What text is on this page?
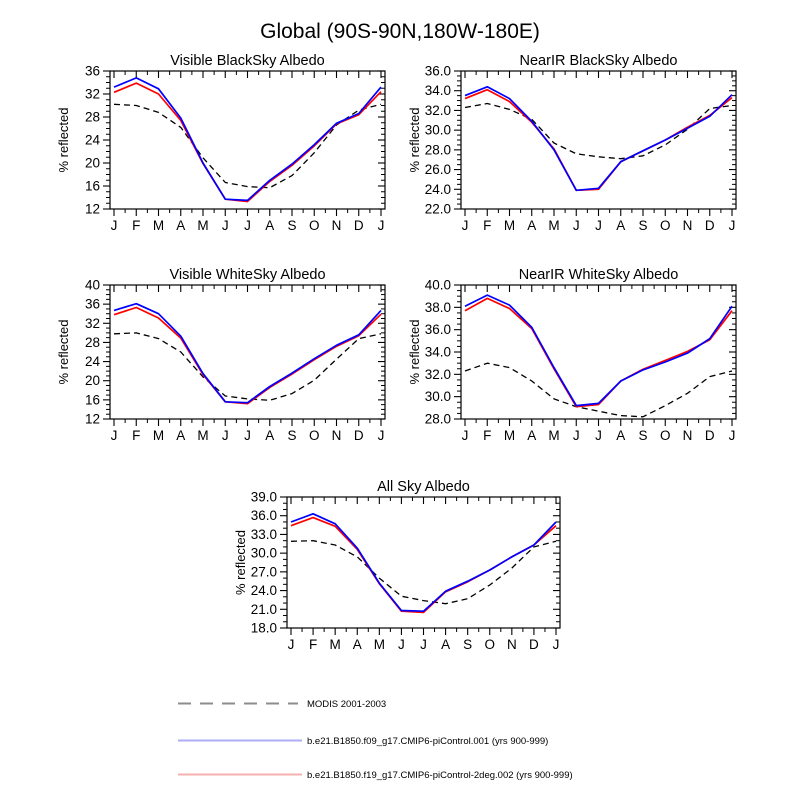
Global (90S-90N,180W-180E)
12
16
20
24
28
32
36
J F M A M J J A S O N D J
Visible BlackSky Albedo
% reflected
22.0
24.0
26.0
28.0
30.0
32.0
34.0
36.0
J F M A M J J A S O N D J
NearIR BlackSky Albedo
% reflected
12
16
20
24
28
32
36
40
J F M A M J J A S O N D J
Visible WhiteSky Albedo
% reflected
28.0
30.0
32.0
34.0
36.0
38.0
40.0
J F M A M J J A S O N D J
NearIR WhiteSky Albedo
% reflected
18.0
21.0
24.0
27.0
30.0
33.0
36.0
39.0
J F M A M J J A S O N D J
All Sky Albedo
% reflected
MODIS 2001-2003
b.e21.B1850.f09_g17.CMIP6-piControl.001 (yrs 900-999)
b.e21.B1850.f19_g17.CMIP6-piControl-2deg.002 (yrs 900-999)
